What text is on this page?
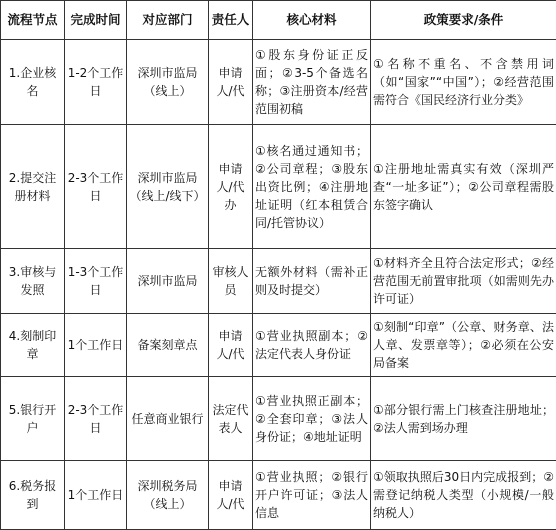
流程节点	完成时间	对应部门	责任人	核心材料	政策要求/条件
1.企业核名	1-2个工作日	深圳市监局（线上）	申请人/代	①股东身份证正反面；②3-5个备选名称；③注册资本/经营范围初稿	①名称不重名、不含禁用词（如“国家”“中国”）；②经营范围需符合《国民经济行业分类》
2.提交注册材料	2-3个工作日	深圳市监局（线上/线下）	申请人/代办	①核名通过通知书；②公司章程；③股东出资比例；④注册地址证明（红本租赁合同/托管协议）	①注册地址需真实有效（深圳严查“一址多证”）；②公司章程需股东签字确认
3.审核与发照	1-3个工作日	深圳市监局	审核人员	无额外材料（需补正则及时提交）	①材料齐全且符合法定形式；②经营范围无前置审批项（如需则先办许可证）
4.刻制印章	1个工作日	备案刻章点	申请人/代	①营业执照副本；②法定代表人身份证	①刻制“印章”（公章、财务章、法人章、发票章等）；②必须在公安局备案
5.银行开户	2-3个工作日	任意商业银行	法定代表人	①营业执照正副本；②全套印章；③法人身份证；④地址证明	①部分银行需上门核查注册地址；②法人需到场办理
6.税务报到	1个工作日	深圳税务局（线上）	申请人/代	①营业执照；②银行开户许可证；③法人信息	①领取执照后30日内完成报到；②需登记纳税人类型（小规模/一般纳税人）
